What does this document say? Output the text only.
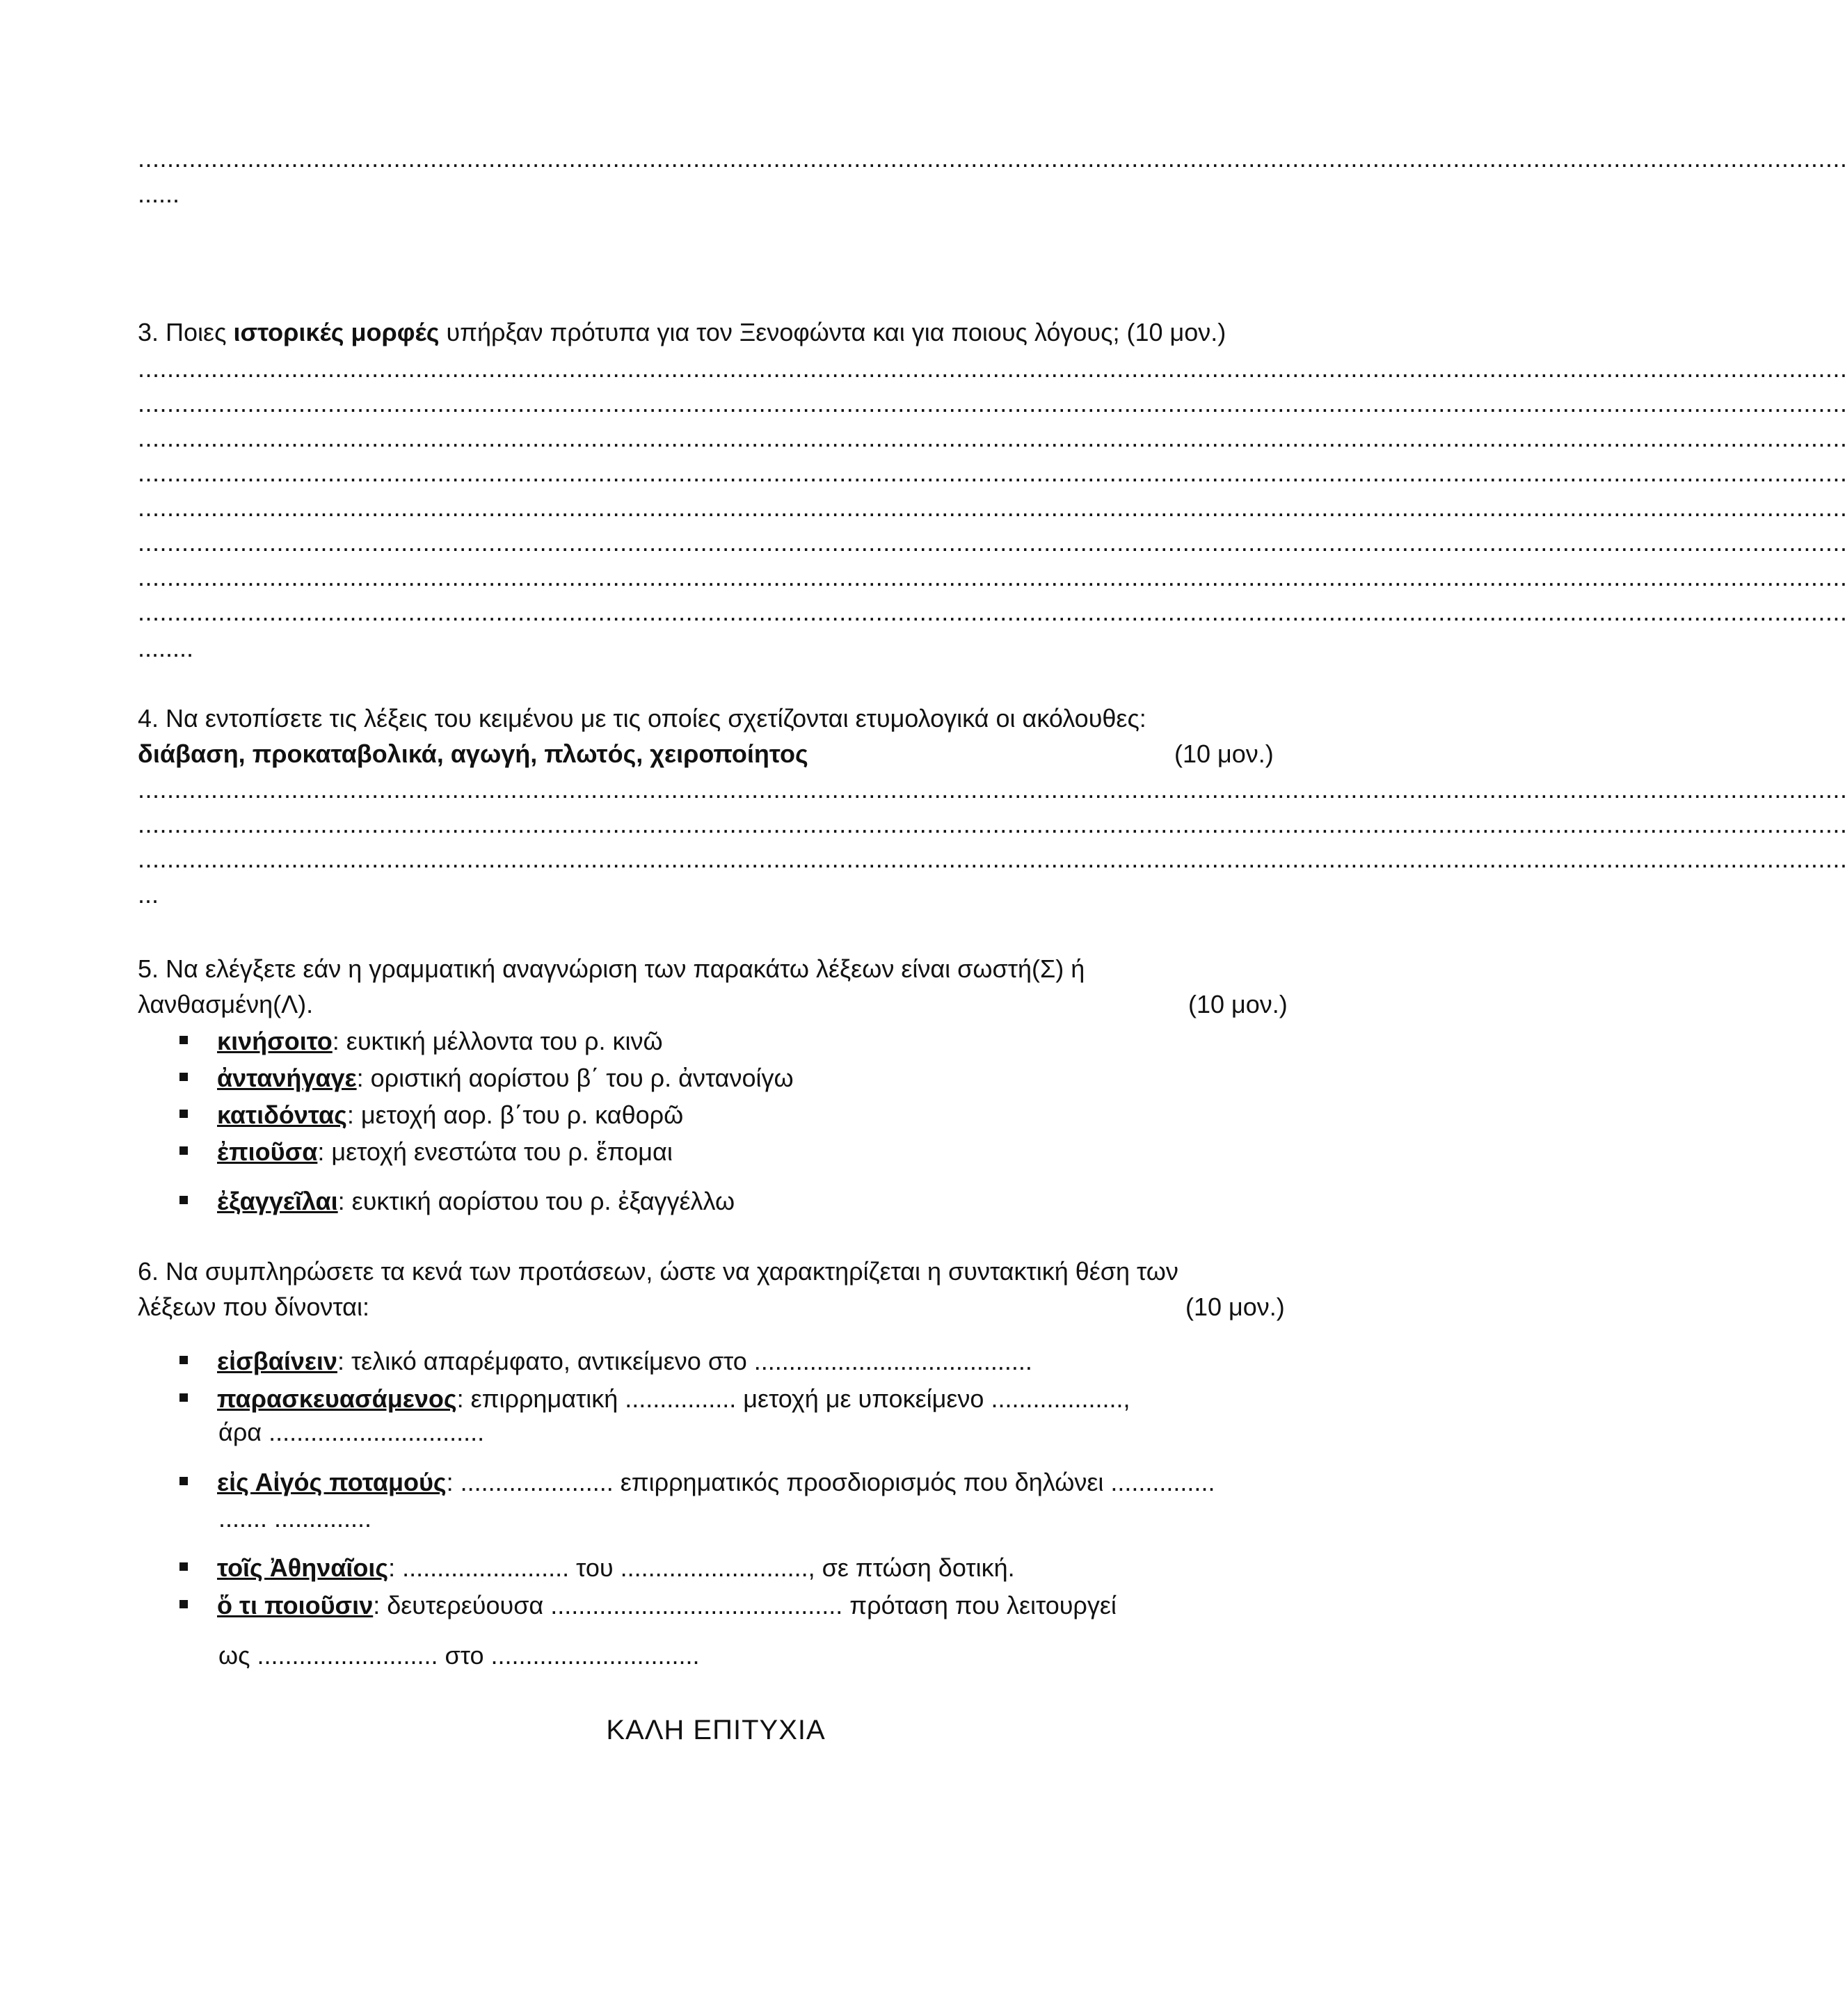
..........................................................................................................................................................................................................................................
......
3. Ποιες ιστορικές μορφές υπήρξαν πρότυπα για τον Ξενοφώντα και για ποιους λόγους; (10 μον.)
..........................................................................................................................................................................................................................................
..........................................................................................................................................................................................................................................
..........................................................................................................................................................................................................................................
..........................................................................................................................................................................................................................................
..........................................................................................................................................................................................................................................
..........................................................................................................................................................................................................................................
..........................................................................................................................................................................................................................................
..........................................................................................................................................................................................................................................
........
4. Να εντοπίσετε τις λέξεις του κειμένου με τις οποίες σχετίζονται ετυμολογικά οι ακόλουθες:
διάβαση, προκαταβολικά, αγωγή, πλωτός, χειροποίητος	(10 μον.)
..........................................................................................................................................................................................................................................
..........................................................................................................................................................................................................................................
..........................................................................................................................................................................................................................................
...
5. Να ελέγξετε εάν η γραμματική αναγνώριση των παρακάτω λέξεων είναι σωστή(Σ) ή
λανθασμένη(Λ).	(10 μον.)
κινήσοιτο: ευκτική μέλλοντα του ρ. κινῶ
ἀντανήγαγε: οριστική αορίστου β΄ του ρ. ἀντανοίγω
κατιδόντας: μετοχή αορ. β΄του ρ. καθορῶ
ἐπιοῦσα: μετοχή ενεστώτα του ρ. ἕπομαι
ἐξαγγεῖλαι: ευκτική αορίστου του ρ. ἐξαγγέλλω
6. Να συμπληρώσετε τα κενά των προτάσεων, ώστε να χαρακτηρίζεται η συντακτική θέση των
λέξεων που δίνονται:	(10 μον.)
εἰσβαίνειν: τελικό απαρέμφατο, αντικείμενο στο ........................................
παρασκευασάμενος: επιρρηματική ................ μετοχή με υποκείμενο ...................,
άρα ...............................
εἰς Αἰγός ποταμούς: ...................... επιρρηματικός προσδιορισμός που δηλώνει ...............
....... ..............
τοῖς Ἀθηναῖοις: ........................ του ..........................., σε πτώση δοτική.
ὅ τι ποιοῦσιν: δευτερεύουσα .......................................... πρόταση που λειτουργεί
ως .......................... στο ..............................
ΚΑΛΗ ΕΠΙΤΥΧΙΑ
